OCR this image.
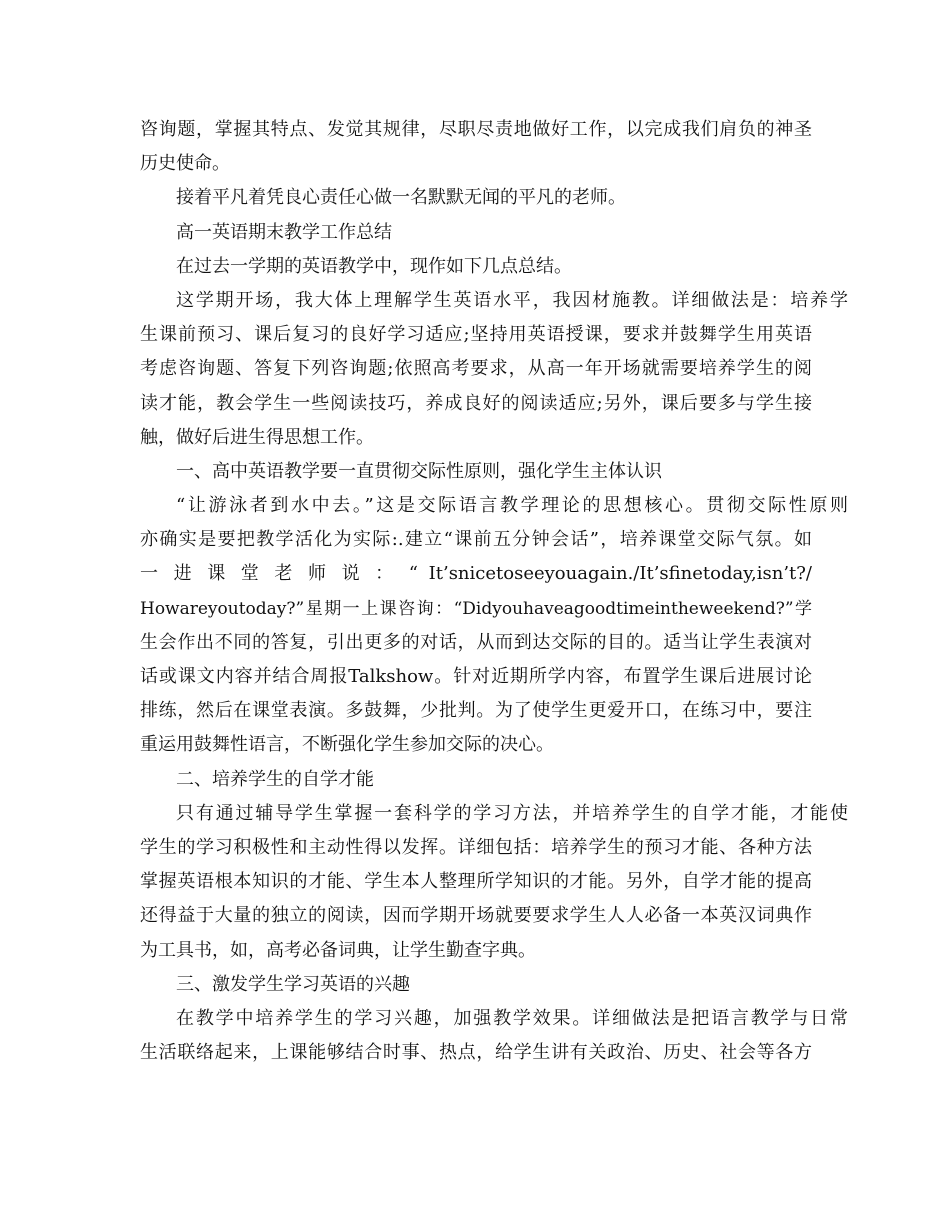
咨询题，掌握其特点、发觉其规律，尽职尽责地做好工作，以完成我们肩负的神圣
历史使命。
接着平凡着凭良心责任心做一名默默无闻的平凡的老师。
高一英语期末教学工作总结
在过去一学期的英语教学中，现作如下几点总结。
这学期开场，我大体上理解学生英语水平，我因材施教。详细做法是：培养学
生课前预习、课后复习的良好学习适应;坚持用英语授课，要求并鼓舞学生用英语
考虑咨询题、答复下列咨询题;依照高考要求，从高一年开场就需要培养学生的阅
读才能，教会学生一些阅读技巧，养成良好的阅读适应;另外，课后要多与学生接
触，做好后进生得思想工作。
一、高中英语教学要一直贯彻交际性原则，强化学生主体认识
“让游泳者到水中去。”这是交际语言教学理论的思想核心。贯彻交际性原则
亦确实是要把教学活化为实际:.建立“课前五分钟会话”，培养课堂交际气氛。如
一 进 课 堂 老 师 说 ： “ It’snicetoseeyouagain./It’sfinetoday,isn’t?/
Howareyoutoday?”星期一上课咨询：“Didyouhaveagoodtimeintheweekend?”学
生会作出不同的答复，引出更多的对话，从而到达交际的目的。适当让学生表演对
话或课文内容并结合周报Talkshow。针对近期所学内容，布置学生课后进展讨论
排练，然后在课堂表演。多鼓舞，少批判。为了使学生更爱开口，在练习中，要注
重运用鼓舞性语言，不断强化学生参加交际的决心。
二、培养学生的自学才能
只有通过辅导学生掌握一套科学的学习方法，并培养学生的自学才能，才能使
学生的学习积极性和主动性得以发挥。详细包括：培养学生的预习才能、各种方法
掌握英语根本知识的才能、学生本人整理所学知识的才能。另外，自学才能的提高
还得益于大量的独立的阅读，因而学期开场就要要求学生人人必备一本英汉词典作
为工具书，如，高考必备词典，让学生勤查字典。
三、激发学生学习英语的兴趣
在教学中培养学生的学习兴趣，加强教学效果。详细做法是把语言教学与日常
生活联络起来，上课能够结合时事、热点，给学生讲有关政治、历史、社会等各方
